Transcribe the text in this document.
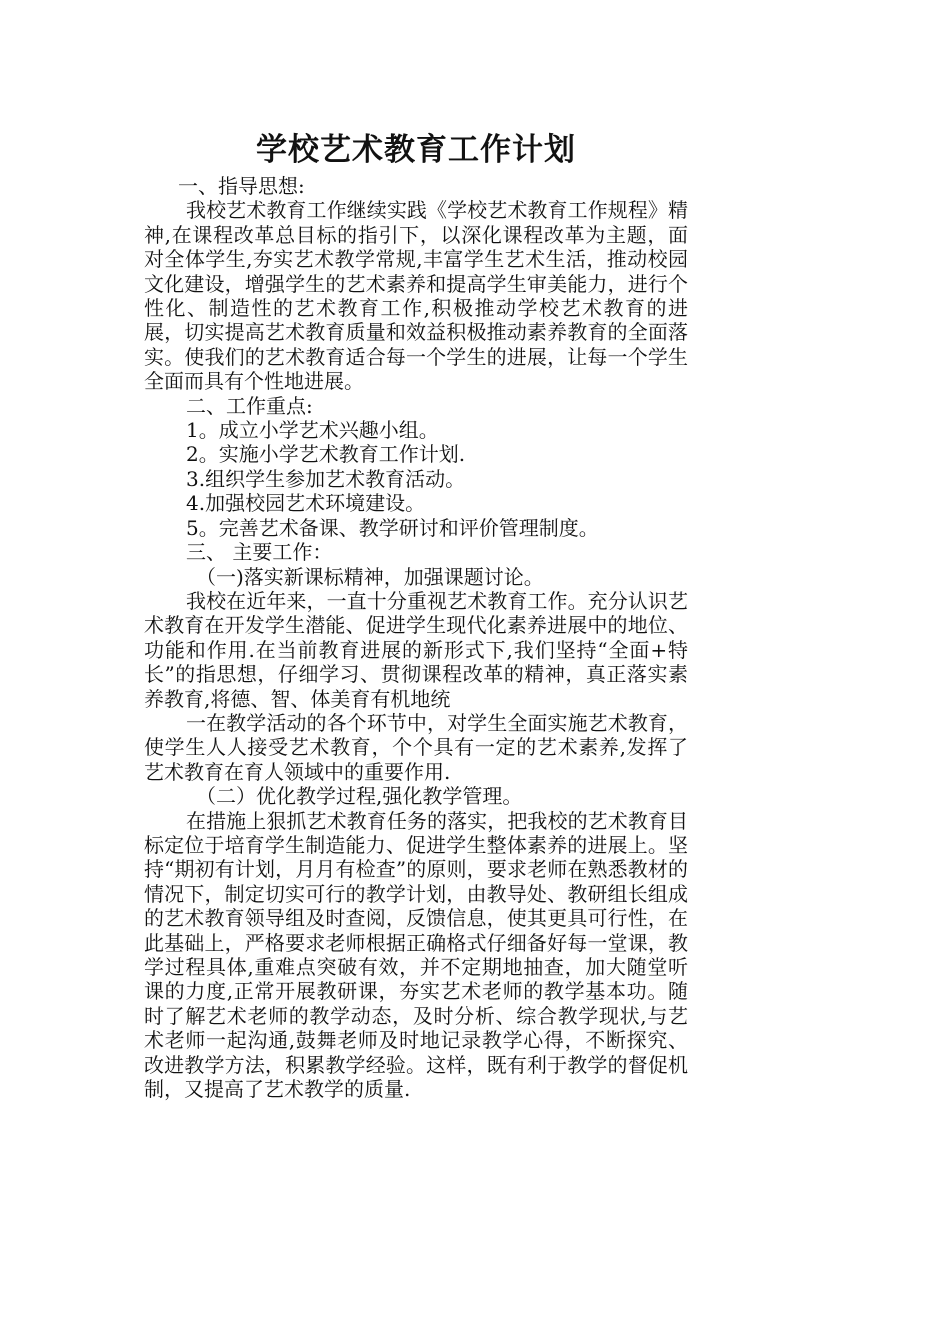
学校艺术教育工作计划

一、指导思想:

我校艺术教育工作继续实践《学校艺术教育工作规程》精神,在课程改革总目标的指引下，以深化课程改革为主题，面对全体学生,夯实艺术教学常规,丰富学生艺术生活，推动校园文化建设，增强学生的艺术素养和提高学生审美能力，进行个性化、制造性的艺术教育工作,积极推动学校艺术教育的进展，切实提高艺术教育质量和效益积极推动素养教育的全面落实。使我们的艺术教育适合每一个学生的进展，让每一个学生全面而具有个性地进展。

二、工作重点:

1。成立小学艺术兴趣小组。

2。实施小学艺术教育工作计划.

3.组织学生参加艺术教育活动。

4.加强校园艺术环境建设。

5。完善艺术备课、教学研讨和评价管理制度。

三、 主要工作：

（一)落实新课标精神，加强课题讨论。

我校在近年来，一直十分重视艺术教育工作。充分认识艺术教育在开发学生潜能、促进学生现代化素养进展中的地位、功能和作用.在当前教育进展的新形式下,我们坚持“全面+特长”的指思想，仔细学习、贯彻课程改革的精神，真正落实素养教育,将德、智、体美育有机地统

一在教学活动的各个环节中，对学生全面实施艺术教育，使学生人人接受艺术教育，个个具有一定的艺术素养,发挥了艺术教育在育人领域中的重要作用.

（二）优化教学过程,强化教学管理。

在措施上狠抓艺术教育任务的落实，把我校的艺术教育目标定位于培育学生制造能力、促进学生整体素养的进展上。坚持“期初有计划，月月有检查”的原则，要求老师在熟悉教材的情况下，制定切实可行的教学计划，由教导处、教研组长组成的艺术教育领导组及时查阅，反馈信息，使其更具可行性，在此基础上，严格要求老师根据正确格式仔细备好每一堂课，教学过程具体,重难点突破有效，并不定期地抽查，加大随堂听课的力度,正常开展教研课，夯实艺术老师的教学基本功。随时了解艺术老师的教学动态，及时分析、综合教学现状,与艺术老师一起沟通,鼓舞老师及时地记录教学心得，不断探究、改进教学方法，积累教学经验。这样，既有利于教学的督促机制，又提高了艺术教学的质量.
